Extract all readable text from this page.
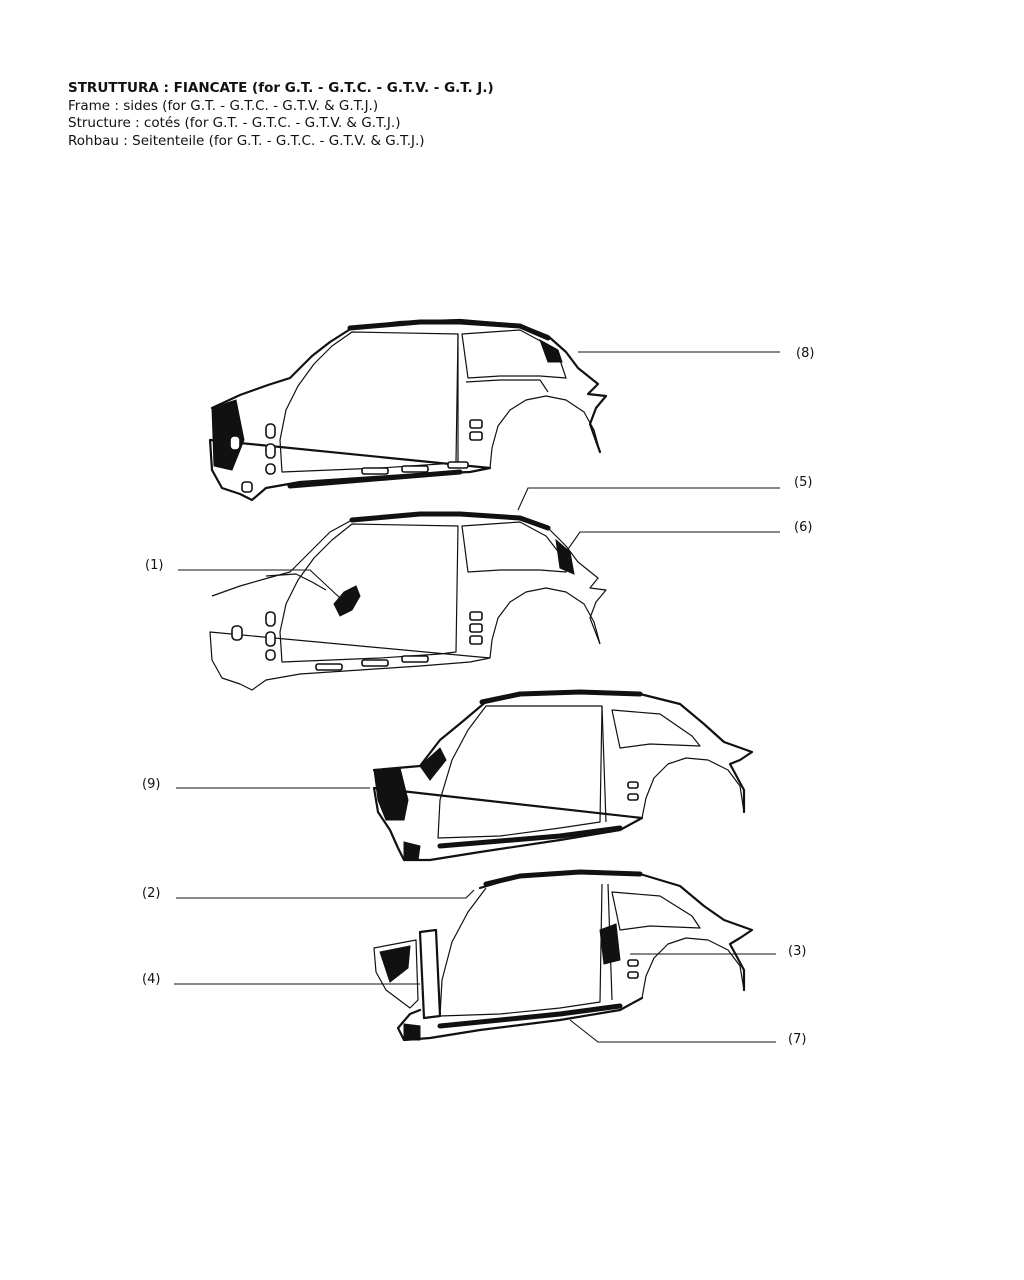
STRUTTURA : FIANCATE (for G.T. - G.T.C. - G.T.V. - G.T. J.)
Frame : sides (for G.T. - G.T.C. - G.T.V. & G.T.J.)
Structure : cotés (for G.T. - G.T.C. - G.T.V. & G.T.J.)
Rohbau : Seitenteile (for G.T. - G.T.C. - G.T.V. & G.T.J.)
(8)
(5)
(6)
(1)
(9)
(2)
(3)
(4)
(7)
